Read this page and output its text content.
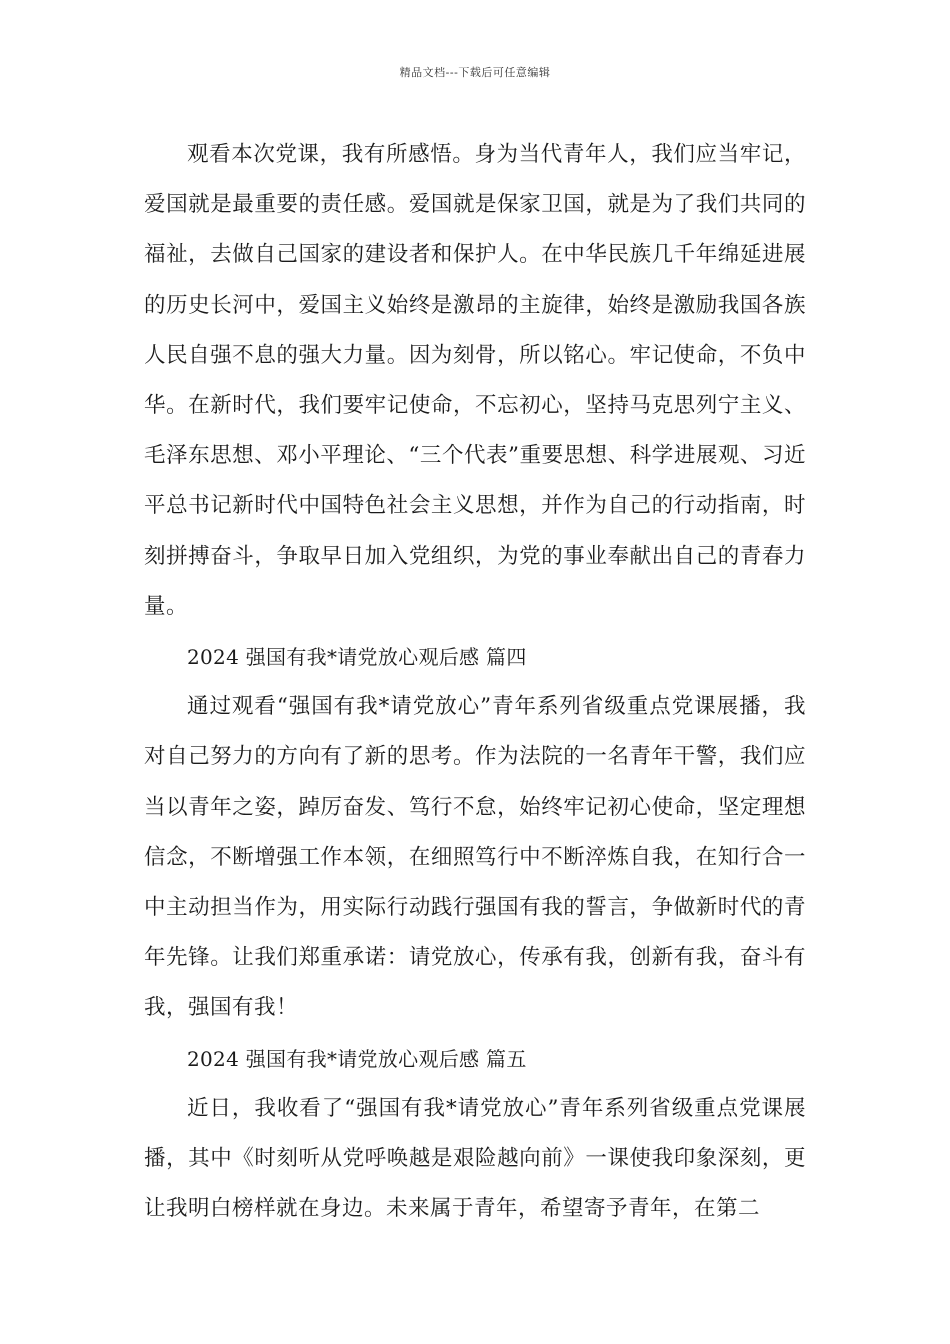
精品文档---下载后可任意编辑

观看本次党课，我有所感悟。身为当代青年人，我们应当牢记，爱国就是最重要的责任感。爱国就是保家卫国，就是为了我们共同的福祉，去做自己国家的建设者和保护人。在中华民族几千年绵延进展的历史长河中，爱国主义始终是激昂的主旋律，始终是激励我国各族人民自强不息的强大力量。因为刻骨，所以铭心。牢记使命，不负中华。在新时代，我们要牢记使命，不忘初心，坚持马克思列宁主义、毛泽东思想、邓小平理论、“三个代表”重要思想、科学进展观、习近平总书记新时代中国特色社会主义思想，并作为自己的行动指南，时刻拼搏奋斗，争取早日加入党组织，为党的事业奉献出自己的青春力量。

2024 强国有我*请党放心观后感 篇四

通过观看“强国有我*请党放心”青年系列省级重点党课展播，我对自己努力的方向有了新的思考。作为法院的一名青年干警，我们应当以青年之姿，踔厉奋发、笃行不怠，始终牢记初心使命，坚定理想信念，不断增强工作本领，在细照笃行中不断淬炼自我，在知行合一中主动担当作为，用实际行动践行强国有我的誓言，争做新时代的青年先锋。让我们郑重承诺：请党放心，传承有我，创新有我，奋斗有我，强国有我！

2024 强国有我*请党放心观后感 篇五

近日，我收看了“强国有我*请党放心”青年系列省级重点党课展播，其中《时刻听从党呼唤越是艰险越向前》一课使我印象深刻，更让我明白榜样就在身边。未来属于青年，希望寄予青年，在第二
